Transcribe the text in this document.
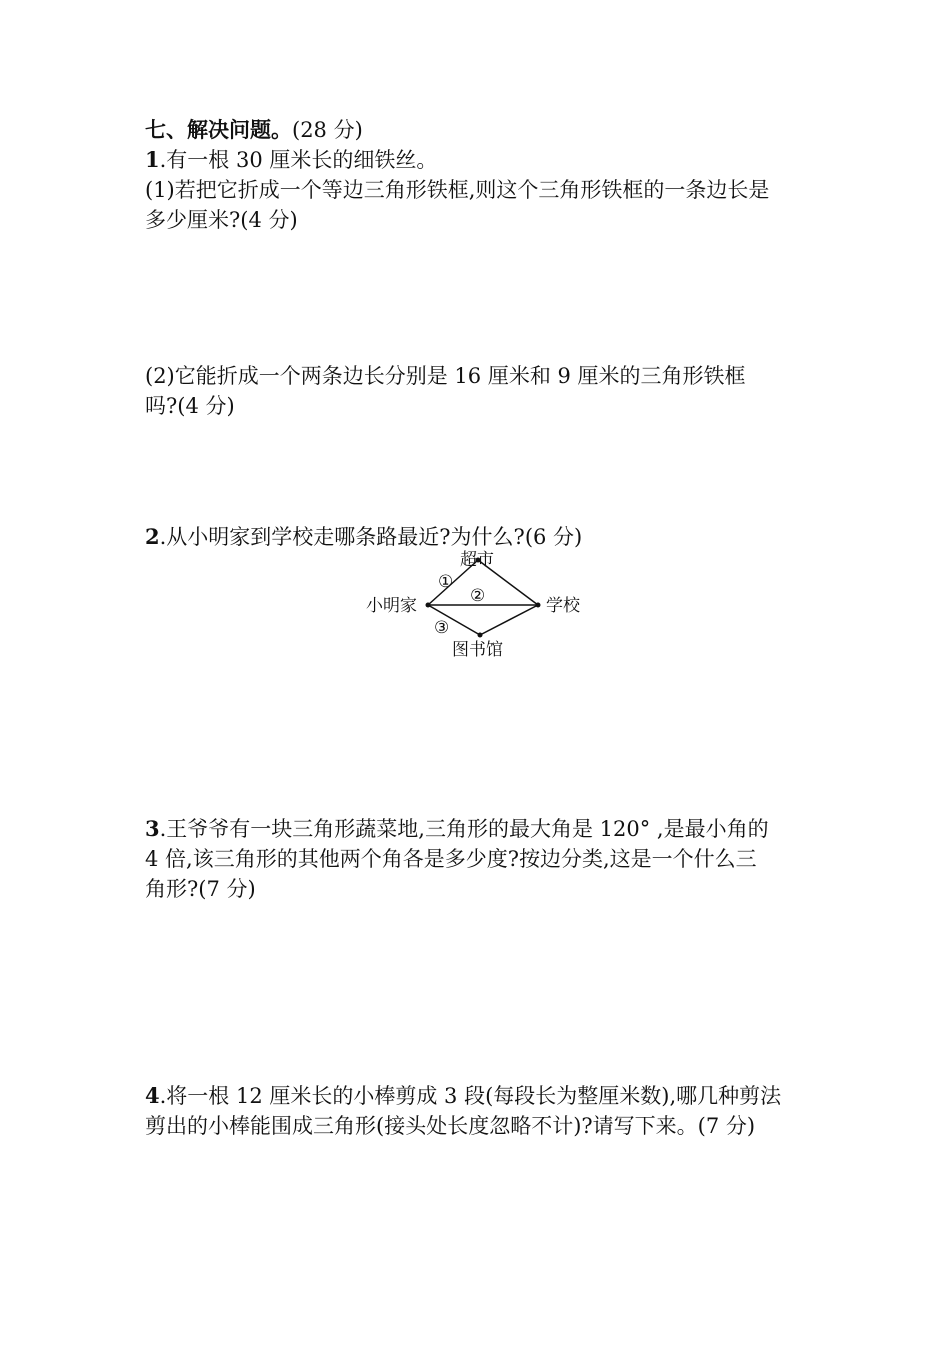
七、解决问题。(28 分)
1.有一根 30 厘米长的细铁丝。
(1)若把它折成一个等边三角形铁框,则这个三角形铁框的一条边长是
多少厘米?(4 分)
(2)它能折成一个两条边长分别是 16 厘米和 9 厘米的三角形铁框
吗?(4 分)
2.从小明家到学校走哪条路最近?为什么?(6 分)
小明家	学校
超市
图书馆
①
②
③
3.王爷爷有一块三角形蔬菜地,三角形的最大角是 120° ,是最小角的
4 倍,该三角形的其他两个角各是多少度?按边分类,这是一个什么三
角形?(7 分)
4.将一根 12 厘米长的小棒剪成 3 段(每段长为整厘米数),哪几种剪法
剪出的小棒能围成三角形(接头处长度忽略不计)?请写下来。(7 分)
